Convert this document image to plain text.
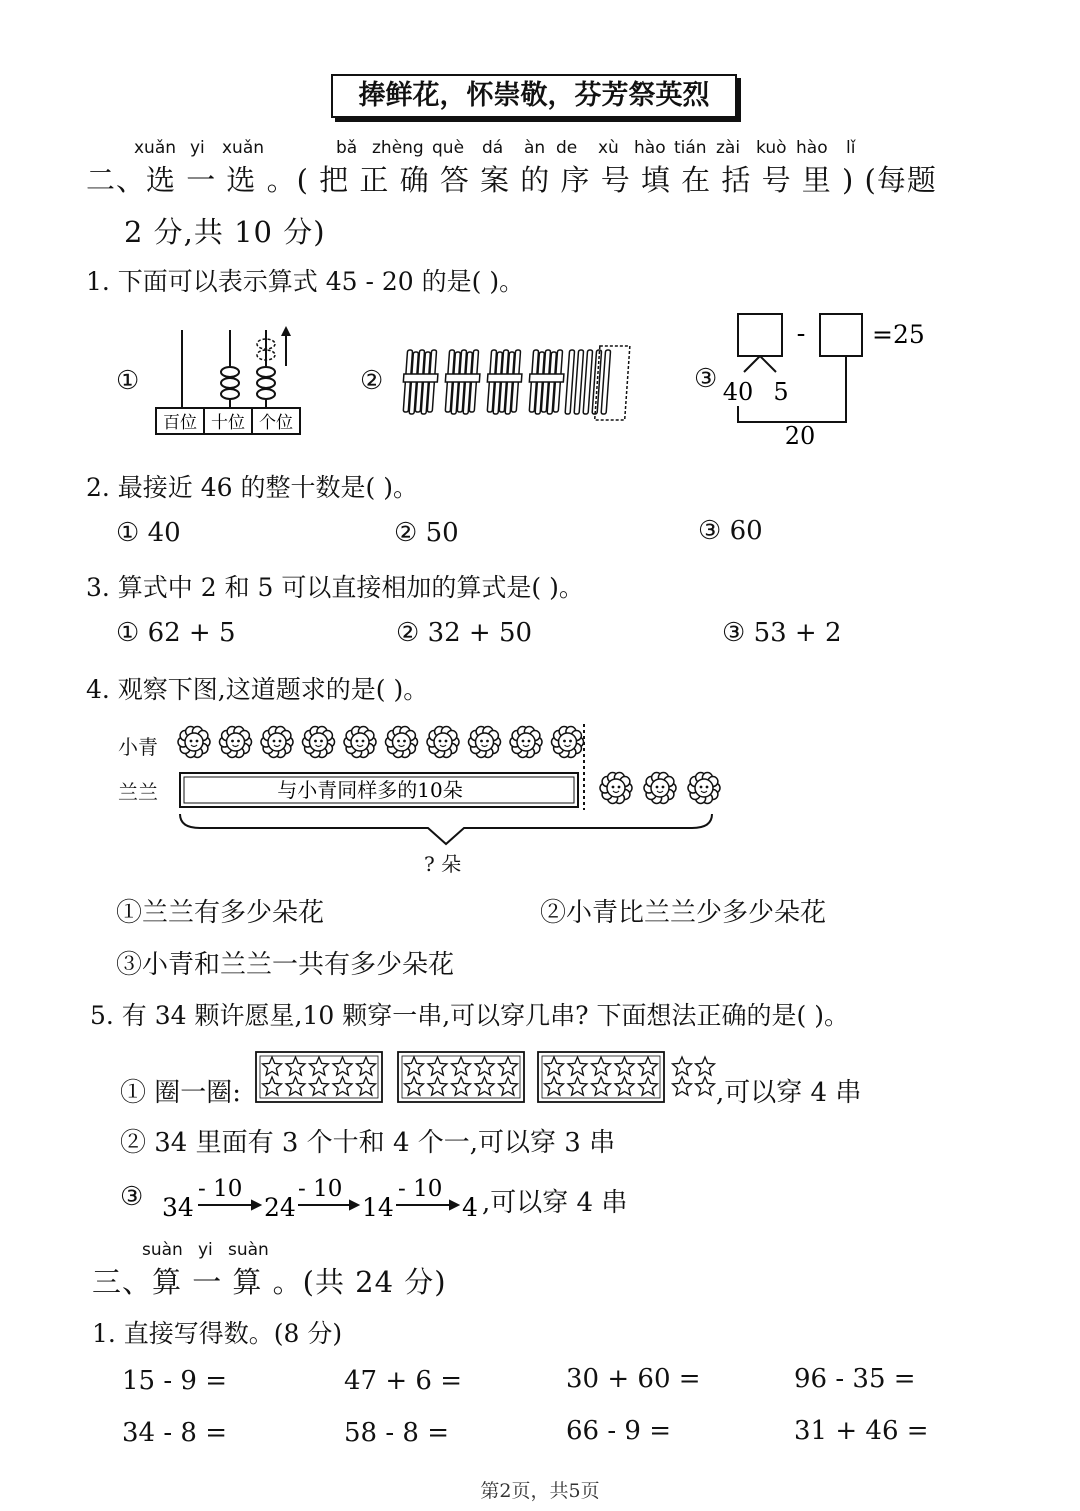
捧鲜花，怀崇敬，芬芳祭英烈
xuǎn yi xuǎn	bǎ zhèng què dá àn de xù hào tián zài kuò hào lǐ
二、选 一 选 。( 把 正 确 答 案 的 序 号 填 在 括 号 里 ) (每题
2 分,共 10 分)
1. 下面可以表示算式 45 - 20 的是( )。
①
百位 十位 个位
②	③
-	=25
40 5
20
2. 最接近 46 的整十数是( )。
① 40	② 50	③ 60
3. 算式中 2 和 5 可以直接相加的算式是( )。
① 62 + 5	② 32 + 50	③ 53 + 2
4. 观察下图,这道题求的是( )。
小青
兰兰	与小青同样多的10朵
? 朵
①兰兰有多少朵花	②小青比兰兰少多少朵花
③小青和兰兰一共有多少朵花
5. 有 34 颗许愿星,10 颗穿一串,可以穿几串? 下面想法正确的是( )。
① 圈一圈:	,可以穿 4 串
② 34 里面有 3 个十和 4 个一,可以穿 3 串
③ 34	24	14	4
- 10 - 10 - 10 ,可以穿 4 串
suàn yi suàn
三、算 一 算 。(共 24 分)
1. 直接写得数。(8 分)
15 - 9 =	47 + 6 =	30 + 60 =	96 - 35 =
34 - 8 =	58 - 8 =	66 - 9 =	31 + 46 =
第2页，共5页
